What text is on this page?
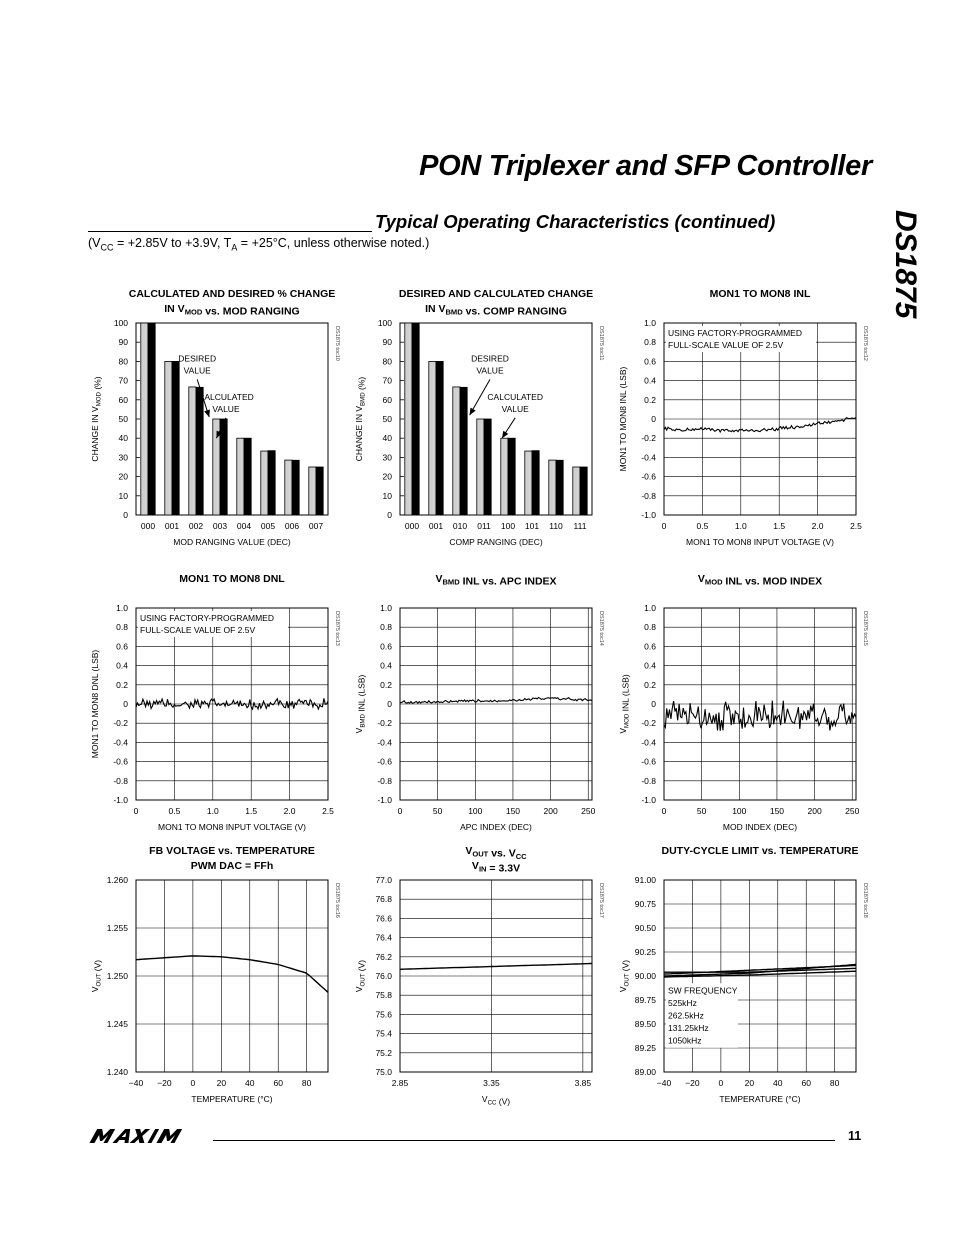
PON Triplexer and SFP Controller
DS1875
Typical Operating Characteristics (continued)
($V_{CC} = +2.85V$ to +3.9V, $T_A = +25^\circ C$, unless otherwise noted.)
CALCULATED AND DESIRED % CHANGE
IN $V_{MOD}$ vs. MOD RANGING
0
10
20
30
40
50
60
70
80
90
100
000 001 002 003 004 005 006 007
MOD RANGING VALUE (DEC)
CHANGE IN $V_{MOD}$ (%)
DS1875 toc10
DESIRED
VALUE
CALCULATED
VALUE
DESIRED AND CALCULATED CHANGE
IN $V_{BMD}$ vs. COMP RANGING
0
10
20
30
40
50
60
70
80
90
100
000 001 010 011 100 101 110 111
COMP RANGING (DEC)
CHANGE IN $V_{BMD}$ (%)
DS1875 toc11
DESIRED
VALUE
CALCULATED
VALUE
MON1 TO MON8 INL
-1.0
-0.8
-0.6
-0.4
-0.2
0
0.2
0.4
0.6
0.8
1.0
0	0.5	1.0	1.5	2.0	2.5
MON1 TO MON8 INPUT VOLTAGE (V)
MON1 TO MON8 INL (LSB)
DS1875 toc12
USING FACTORY-PROGRAMMED
FULL-SCALE VALUE OF 2.5V
MON1 TO MON8 DNL
-1.0
-0.8
-0.6
-0.4
-0.2
0
0.2
0.4
0.6
0.8
1.0
0	0.5	1.0	1.5	2.0	2.5
MON1 TO MON8 INPUT VOLTAGE (V)
MON1 TO MON8 DNL (LSB)
DS1875 toc13
USING FACTORY-PROGRAMMED
FULL-SCALE VALUE OF 2.5V
$V_{BMD}$ INL vs. APC INDEX
-1.0
-0.8
-0.6
-0.4
-0.2
0
0.2
0.4
0.6
0.8
1.0
0	50	100	150	200	250
APC INDEX (DEC)
$V_{BMD}$ INL (LSB)
DS1875 toc14
$V_{MOD}$ INL vs. MOD INDEX
-1.0
-0.8
-0.6
-0.4
-0.2
0
0.2
0.4
0.6
0.8
1.0
0	50	100	150	200	250
MOD INDEX (DEC)
$V_{MOD}$ INL (LSB)
DS1875 toc15
FB VOLTAGE vs. TEMPERATURE
PWM DAC = FFh
1.240
1.245
1.250
1.255
1.260
−40 −20 0	20 40 60 80
TEMPERATURE (°C)
$V_{OUT}$ (V)
DS1875 toc16
$V_{OUT}$ vs. $V_{CC}$
$V_{IN} = 3.3V$
75.0
75.2
75.4
75.6
75.8
76.0
76.2
76.4
76.6
76.8
77.0
2.85	3.35	3.85
$V_{CC}$ (V)
$V_{OUT}$ (V)
DS1875 toc17
DUTY-CYCLE LIMIT vs. TEMPERATURE
89.00
89.25
89.50
89.75
90.00
90.25
90.50
90.75
91.00
−40 −20 0	20 40 60 80
TEMPERATURE (°C)
$V_{OUT}$ (V)
DS1875 toc18
SW FREQUENCY
525kHz
262.5kHz
131.25kHz
1050kHz
11
